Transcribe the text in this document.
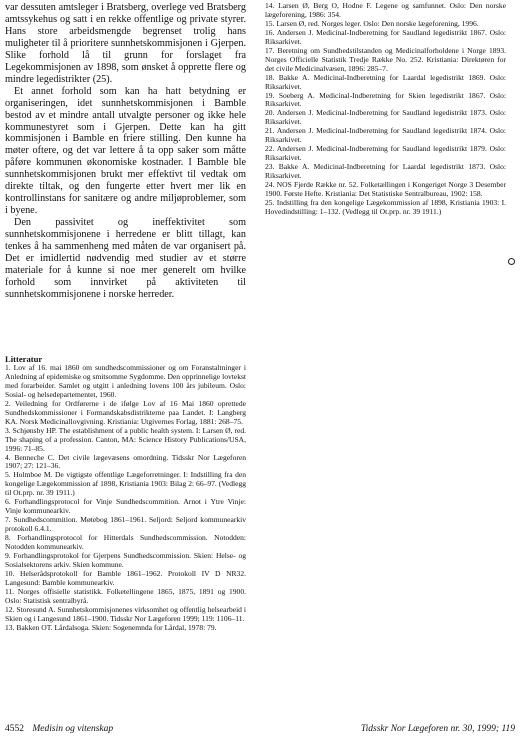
var dessuten amtsleger i Bratsberg, overlege ved Bratsberg amtssykehus og satt i en rekke offentlige og private styrer. Hans store arbeidsmengde begrenset trolig hans muligheter til å prioritere sunnhetskommisjonen i Gjerpen. Slike forhold lå til grunn for forslaget fra Legekommisjonen av 1898, som ønsket å opprette flere og mindre legedistrikter (25).

Et annet forhold som kan ha hatt betydning er organiseringen, idet sunnhetskommisjonen i Bamble bestod av et mindre antall utvalgte personer og ikke hele kommunestyret som i Gjerpen. Dette kan ha gitt kommisjonen i Bamble en friere stilling. Den kunne ha møter oftere, og det var lettere å ta opp saker som måtte påføre kommunen økonomiske kostnader. I Bamble ble sunnhetskommisjonen brukt mer effektivt til vedtak om direkte tiltak, og den fungerte etter hvert mer lik en kontrollinstans for sanitære og andre miljøproblemer, som i byene.

Den passivitet og ineffektivitet som sunnhetskommisjonene i herredene er blitt tillagt, kan tenkes å ha sammenheng med måten de var organisert på. Det er imidlertid nødvendig med studier av et større materiale for å kunne si noe mer generelt om hvilke forhold som innvirket på aktiviteten til sunnhetskommisjonene i norske herreder.

Litteratur

1. Lov af 16. mai 1860 om sundhedscommissioner og om Foranstaltninger i Anledning af epidemiske og smitsomme Sygdomme. Den opprinnelige lovtekst med forarbeider. Samlet og utgitt i anledning lovens 100 års jubileum. Oslo: Sosial- og helsedepartementet, 1960.

2. Veiledning for Ordførerne i de ifølge Lov af 16 Mai 1860 oprettede Sundhedskommissioner i Formandskabsdistrikterne paa Landet. I: Langberg KA. Norsk Medicinallovgivning. Kristiania: Utgivernes Forlag, 1881: 268–75.

3. Schjønsby HP. The establishment of a public health system. I: Larsen Ø, red. The shaping of a profession. Canton, MA: Science History Publications/USA, 1996: 71–85.

4. Benneche C. Det civile lægevæsens omordning. Tidsskr Nor Lægeforen 1907; 27: 121–36.

5. Holmboe M. De vigtigste offentlige Lægeforretninger. I: Indstilling fra den kongelige Lægekommission af 1898, Kristiania 1903: Bilag 2: 66–97. (Vedlegg til Ot.prp. nr. 39 1911.)

6. Forhandlingsprotocol for Vinje Sundhedscommition. Arnot i Ytre Vinje: Vinje kommunearkiv.

7. Sundhedscommition. Møtebog 1861–1961. Seljord: Seljord kommunearkiv protokoll 6.4.1.

8. Forhandlingsprotocol for Hitterdals Sundhedscommission. Notodden: Notodden kommunearkiv.

9. Forhandlingsprotokol for Gjerpens Sundhedscommission. Skien: Helse- og Sosialsektorens arkiv. Skien kommune.

10. Helserådsprotokoll for Bamble 1861–1962. Protokoll IV D NR32. Langesund: Bamble kommunearkiv.

11. Norges offisielle statistikk. Folketellingene 1865, 1875, 1891 og 1900. Oslo: Statistisk sentralbyrå.

12. Storesund A. Sunnhetskommisjonenes virksomhet og offentlig helsearbeid i Skien og i Langesund 1861–1900. Tidsskr Nor Lægeforen 1999; 119: 1106–11.

13. Bakken OT. Lårdalsoga. Skien: Sogenemnda for Lårdal, 1978: 79.

14. Larsen Ø, Berg O, Hodne F. Legene og samfunnet. Oslo: Den norske lægeforening, 1986: 354.

15. Larsen Ø, red. Norges leger. Oslo: Den norske lægeforening, 1996.

16. Andersen J. Medicinal-Indberetning for Saudland legedistrikt 1867. Oslo: Riksarkivet.

17. Beretning om Sundhedstilstanden og Medicinalforholdene i Norge 1893. Norges Officielle Statistik Tredje Række No. 252. Kristiania: Direktøren for det civile Medicinalvæsen, 1896: 285–7.

18. Bakke A. Medicinal-Indberetning for Laardal legedistrikt 1869. Oslo: Riksarkivet.

19. Soeberg A. Medicinal-Indberetning for Skien legedistrikt 1867. Oslo: Riksarkivet.

20. Andersen J. Medicinal-Indberetning for Saudland legedistrikt 1873. Oslo: Riksarkivet.

21. Andersen J. Medicinal-Indberetning for Saudland legedistrikt 1874. Oslo: Riksarkivet.

22. Andersen J. Medicinal-Indberetning for Saudland legedistrikt 1879. Oslo: Riksarkivet.

23. Bakke A. Medicinal-Indberetning for Laardal legedistrikt 1873. Oslo: Riksarkivet.

24. NOS Fjerde Række nr. 52. Folketællingen i Kongeriget Norge 3 Desember 1900. Første Hefte. Kristiania: Det Statistiske Sentralbureau, 1902: 158.

25. Indstilling fra den kongelige Lægekommission af 1898, Kristiania 1903: I. Hovedindstilling: 1–132. (Vedlegg til Ot.prp. nr. 39 1911.)

4552 Medisin og vitenskap	Tidsskr Nor Lægeforen nr. 30, 1999; 119
